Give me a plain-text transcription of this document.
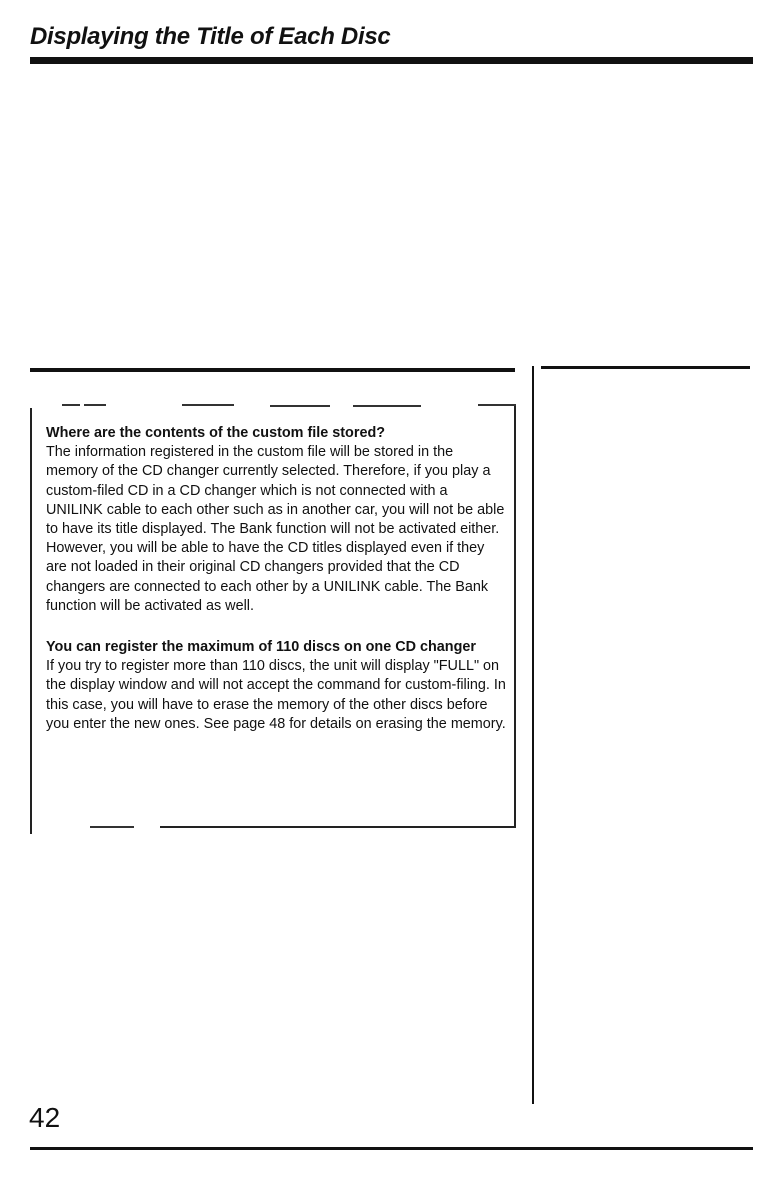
Displaying the Title of Each Disc

Where are the contents of the custom file stored?

The information registered in the custom file will be stored in the memory of the CD changer currently selected. Therefore, if you play a custom-filed CD in a CD changer which is not connected with a UNILINK cable to each other such as in another car, you will not be able to have its title displayed. The Bank function will not be activated either.

However, you will be able to have the CD titles displayed even if they are not loaded in their original CD changers provided that the CD changers are connected to each other by a UNILINK cable. The Bank function will be activated as well.

You can register the maximum of 110 discs on one CD changer

If you try to register more than 110 discs, the unit will display "FULL" on the display window and will not accept the command for custom-filing. In this case, you will have to erase the memory of the other discs before you enter the new ones. See page 48 for details on erasing the memory.

42
